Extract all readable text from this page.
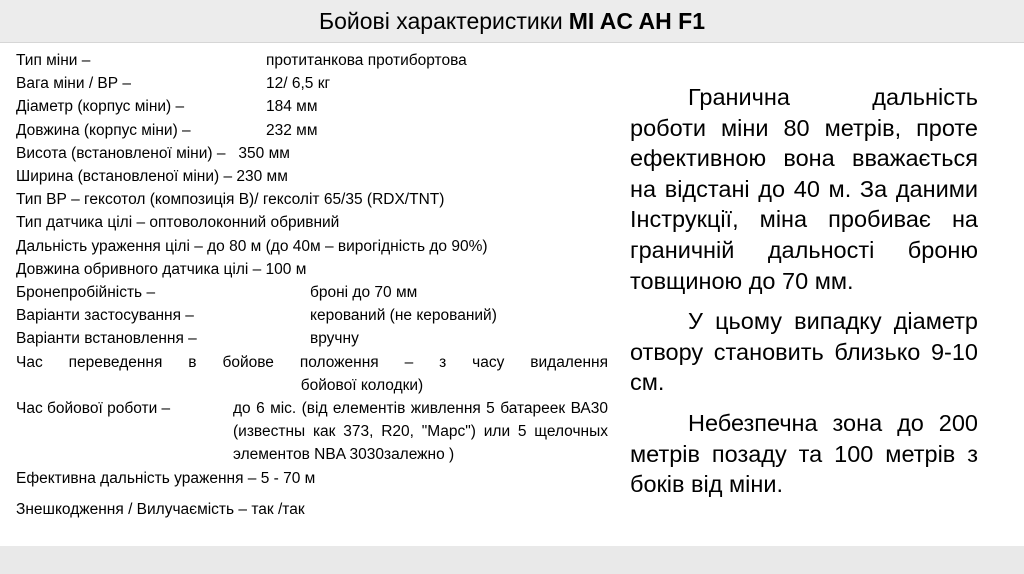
Бойові характеристики MI AC AH F1
Тип міни –	протитанкова протибортова
Вага міни / ВР –	12/ 6,5 кг
Діаметр (корпус міни) –	184 мм
Довжина (корпус міни) –	232 мм
Висота (встановленої міни) –   350 мм
Ширина (встановленої міни) – 230 мм
Тип ВР – гексотол (композиція В)/ гексоліт 65/35 (RDX/TNT)
Тип датчика цілі – оптоволоконний обривний
Дальність ураження цілі – до 80 м (до 40м – вирогідність до 90%)
Довжина обривного датчика цілі – 100 м
Бронепробійність –	броні до 70 мм
Варіанти застосування –	керований (не керований)
Варіанти встановлення –	вручну
Час переведення в бойове положення – з часу видалення
бойової колодки)
Час бойової роботи –	до 6 міс. (від елементів живлення 5 батареек ВА30 (известны как 373, R20, "Марс") или 5 щелочных элементов NBA 3030залежно )
Ефективна дальність ураження – 5 - 70 м
Знешкодження / Вилучаємість – так /так

Гранична дальність роботи міни 80 метрів, проте ефективною вона вважається на відстані до 40 м. За даними Інструкції, міна пробиває на граничній дальності броню товщиною до 70 мм.

У цьому випадку діаметр отвору становить близько 9-10 см.

Небезпечна зона до 200 метрів позаду та 100 метрів з боків від міни.
